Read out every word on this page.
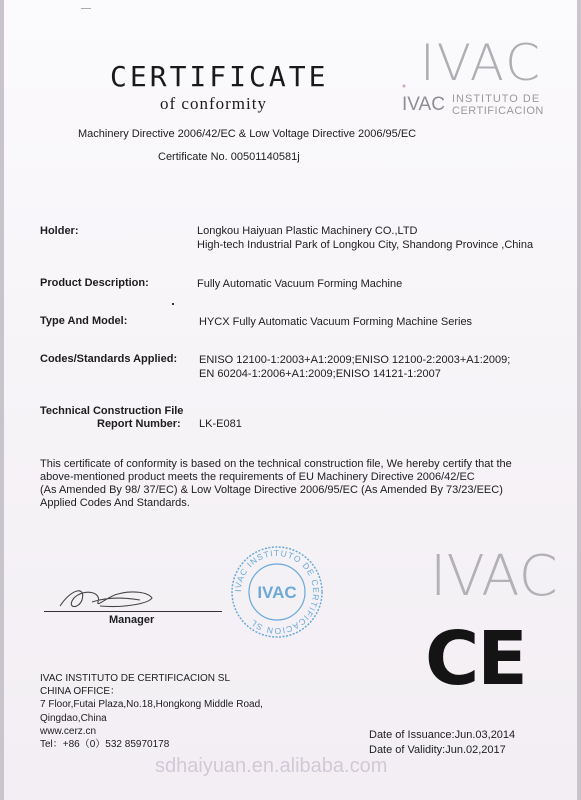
CERTIFICATE
of conformity
Machinery Directive 2006/42/EC & Low Voltage Directive 2006/95/EC
Certificate No. 00501140581j
IVAC
IVAC INSTITUTO DE
CERTIFICACION
Holder:	Longkou Haiyuan Plastic Machinery CO.,LTD
High-tech Industrial Park of Longkou City, Shandong Province ,China
Product Description:	Fully Automatic Vacuum Forming Machine
Type And Model:	HYCX Fully Automatic Vacuum Forming Machine Series
Codes/Standards Applied: ENISO 12100-1:2003+A1:2009;ENISO 12100-2:2003+A1:2009;
EN 60204-1:2006+A1:2009;ENISO 14121-1:2007
Technical Construction File
Report Number: LK-E081
This certificate of conformity is based on the technical construction file, We hereby certify that the
above-mentioned product meets the requirements of EU Machinery Directive 2006/42/EC
(As Amended By 98/ 37/EC) & Low Voltage Directive 2006/95/EC (As Amended By 73/23/EEC)
Applied Codes And Standards.
IVAC
IVAC INSTITUTO DE CERTIFICACION SL
IVAC
Manager	CE
IVAC INSTITUTO DE CERTIFICACION SL
CHINA OFFICE：
7 Floor,Futai Plaza,No.18,Hongkong Middle Road,
Qingdao,China
www.cerz.cn
Tel：+86（0）532 85970178
Date of Issuance:Jun.03,2014
Date of Validity:Jun.02,2017
sdhaiyuan.en.alibaba.com
